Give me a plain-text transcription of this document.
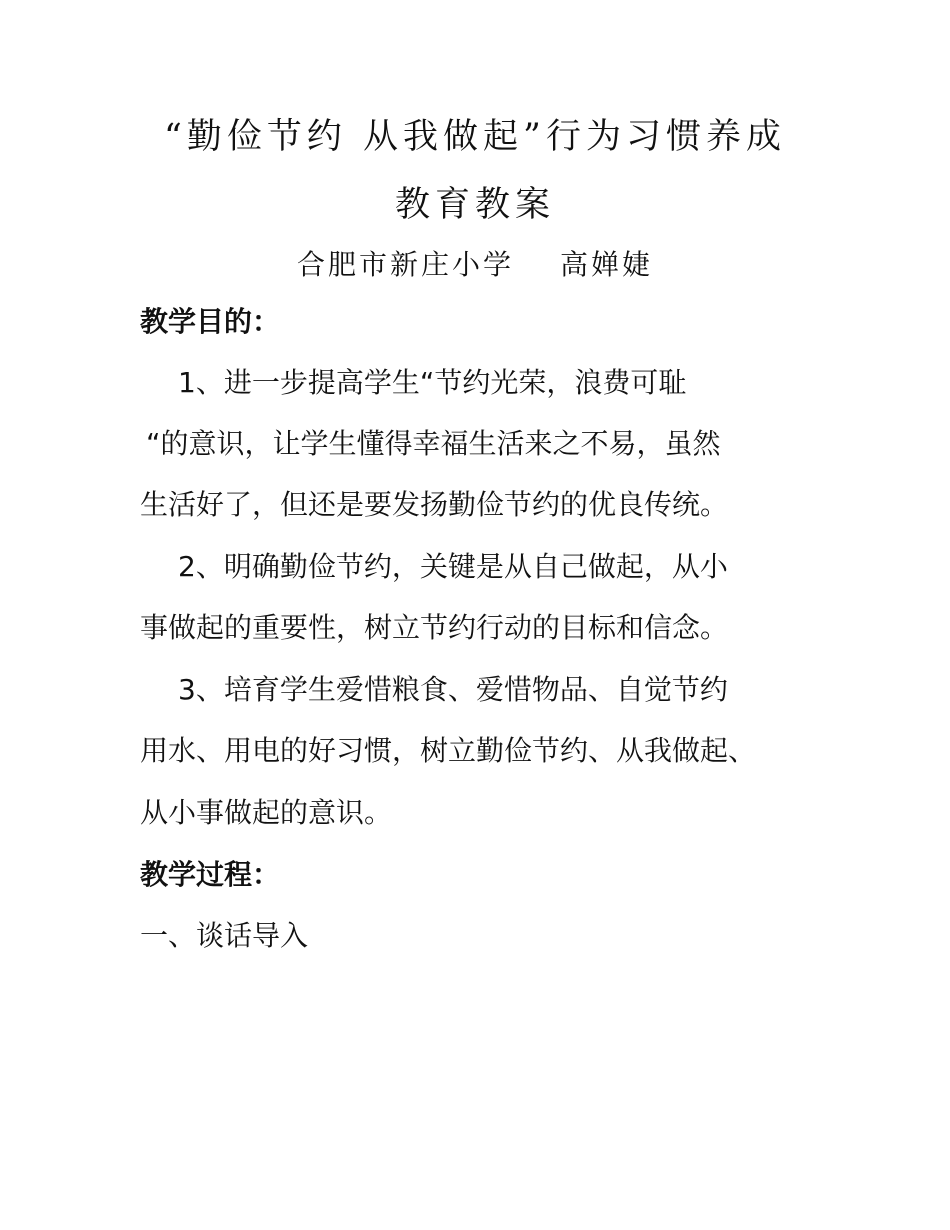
“勤俭节约 从我做起”行为习惯养成
教育教案
合肥市新庄小学 高婵婕
教学目的：
1、进一步提高学生“节约光荣，浪费可耻
“的意识，让学生懂得幸福生活来之不易，虽然
生活好了，但还是要发扬勤俭节约的优良传统。
2、明确勤俭节约，关键是从自己做起，从小
事做起的重要性，树立节约行动的目标和信念。
3、培育学生爱惜粮食、爱惜物品、自觉节约
用水、用电的好习惯，树立勤俭节约、从我做起、
从小事做起的意识。
教学过程：
一、谈话导入
